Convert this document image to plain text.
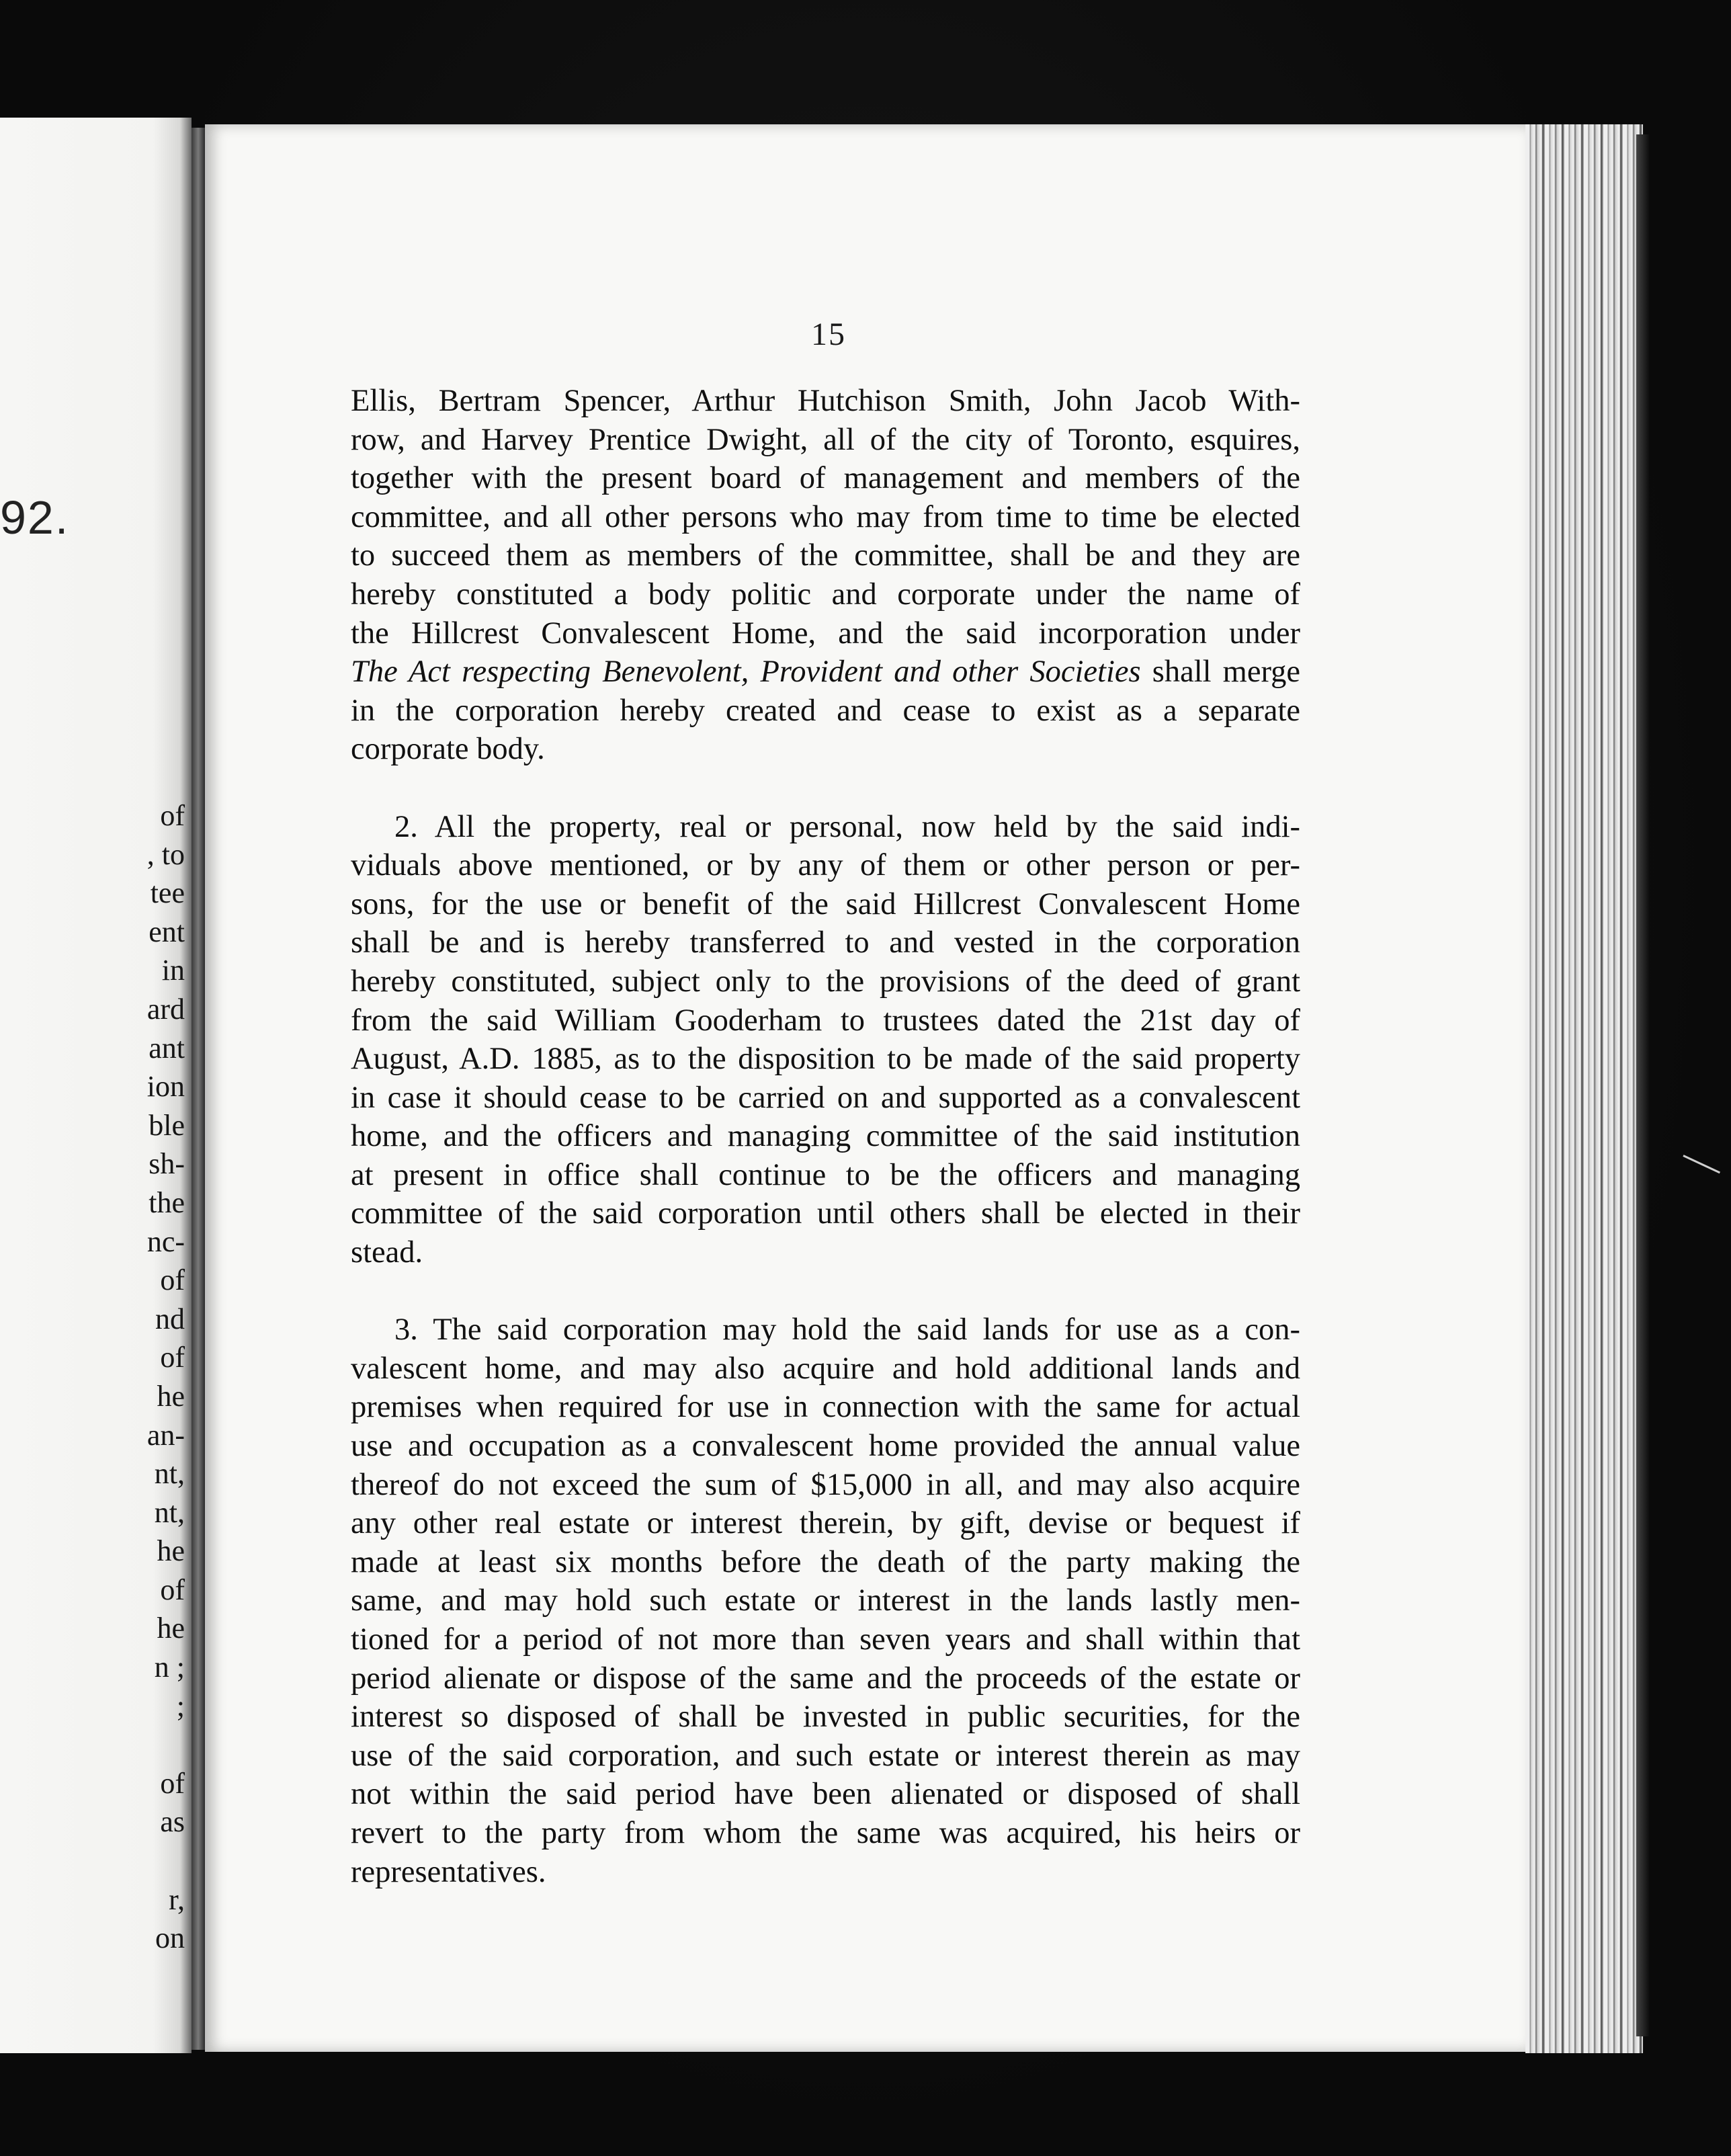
92.
of
, to
tee
ent
in
ard
ant
ion
ble
sh-
the
nc-
of
nd
of
he
an-
nt,
nt,
he
of
he
n ;
;
of
as
r,
on
15
Ellis, Bertram Spencer, Arthur Hutchison Smith, John Jacob With-
row, and Harvey Prentice Dwight, all of the city of Toronto, esquires,
together with the present board of management and members of the
committee, and all other persons who may from time to time be elected
to succeed them as members of the committee, shall be and they are
hereby constituted a body politic and corporate under the name of
the Hillcrest Convalescent Home, and the said incorporation under
The Act respecting Benevolent, Provident and other Societies shall merge
in the corporation hereby created and cease to exist as a separate
corporate body.
2. All the property, real or personal, now held by the said indi-
viduals above mentioned, or by any of them or other person or per-
sons, for the use or benefit of the said Hillcrest Convalescent Home
shall be and is hereby transferred to and vested in the corporation
hereby constituted, subject only to the provisions of the deed of grant
from the said William Gooderham to trustees dated the 21st day of
August, A.D. 1885, as to the disposition to be made of the said property
in case it should cease to be carried on and supported as a convalescent
home, and the officers and managing committee of the said institution
at present in office shall continue to be the officers and managing
committee of the said corporation until others shall be elected in their
stead.
3. The said corporation may hold the said lands for use as a con-
valescent home, and may also acquire and hold additional lands and
premises when required for use in connection with the same for actual
use and occupation as a convalescent home provided the annual value
thereof do not exceed the sum of $15,000 in all, and may also acquire
any other real estate or interest therein, by gift, devise or bequest if
made at least six months before the death of the party making the
same, and may hold such estate or interest in the lands lastly men-
tioned for a period of not more than seven years and shall within that
period alienate or dispose of the same and the proceeds of the estate or
interest so disposed of shall be invested in public securities, for the
use of the said corporation, and such estate or interest therein as may
not within the said period have been alienated or disposed of shall
revert to the party from whom the same was acquired, his heirs or
representatives.
